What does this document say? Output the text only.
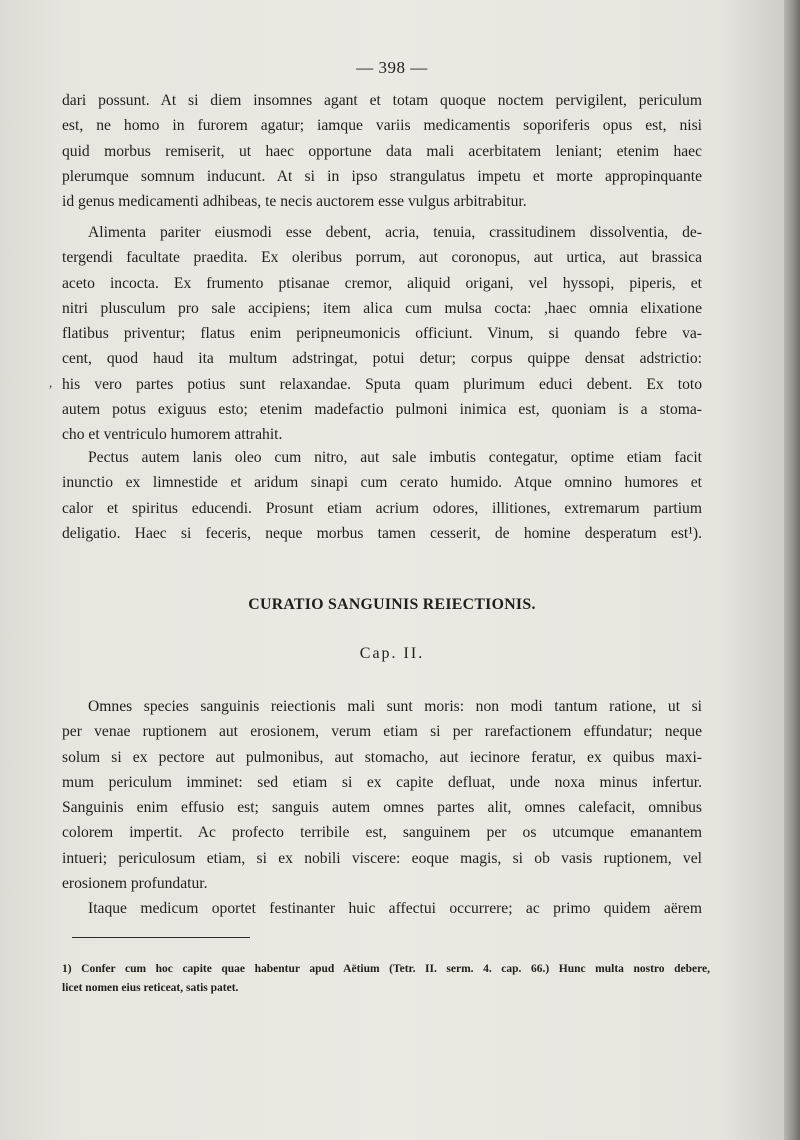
— 398 —
dari possunt. At si diem insomnes agant et totam quoque noctem pervigilent, periculum
est, ne homo in furorem agatur; iamque variis medicamentis soporiferis opus est, nisi
quid morbus remiserit, ut haec opportune data mali acerbitatem leniant; etenim haec
plerumque somnum inducunt. At si in ipso strangulatus impetu et morte appropinquante
id genus medicamenti adhibeas, te necis auctorem esse vulgus arbitrabitur.
Alimenta pariter eiusmodi esse debent, acria, tenuia, crassitudinem dissolventia, de-
tergendi facultate praedita. Ex oleribus porrum, aut coronopus, aut urtica, aut brassica
aceto incocta. Ex frumento ptisanae cremor, aliquid origani, vel hyssopi, piperis, et
nitri plusculum pro sale accipiens; item alica cum mulsa cocta: ,haec omnia elixatione
flatibus priventur; flatus enim peripneumonicis officiunt. Vinum, si quando febre va-
cent, quod haud ita multum adstringat, potui detur; corpus quippe densat adstrictio:
his vero partes potius sunt relaxandae. Sputa quam plurimum educi debent. Ex toto
autem potus exiguus esto; etenim madefactio pulmoni inimica est, quoniam is a stoma-
cho et ventriculo humorem attrahit.
,
Pectus autem lanis oleo cum nitro, aut sale imbutis contegatur, optime etiam facit
inunctio ex limnestide et aridum sinapi cum cerato humido. Atque omnino humores et
calor et spiritus educendi. Prosunt etiam acrium odores, illitiones, extremarum partium
deligatio. Haec si feceris, neque morbus tamen cesserit, de homine desperatum est¹).
CURATIO SANGUINIS REIECTIONIS.
Cap. II.
Omnes species sanguinis reiectionis mali sunt moris: non modi tantum ratione, ut si
per venae ruptionem aut erosionem, verum etiam si per rarefactionem effundatur; neque
solum si ex pectore aut pulmonibus, aut stomacho, aut iecinore feratur, ex quibus maxi-
mum periculum imminet: sed etiam si ex capite defluat, unde noxa minus infertur.
Sanguinis enim effusio est; sanguis autem omnes partes alit, omnes calefacit, omnibus
colorem impertit. Ac profecto terribile est, sanguinem per os utcumque emanantem
intueri; periculosum etiam, si ex nobili viscere: eoque magis, si ob vasis ruptionem, vel
erosionem profundatur.
Itaque medicum oportet festinanter huic affectui occurrere; ac primo quidem aërem
1) Confer cum hoc capite quae habentur apud Aëtium (Tetr. II. serm. 4. cap. 66.) Hunc multa nostro debere,
licet nomen eius reticeat, satis patet.
